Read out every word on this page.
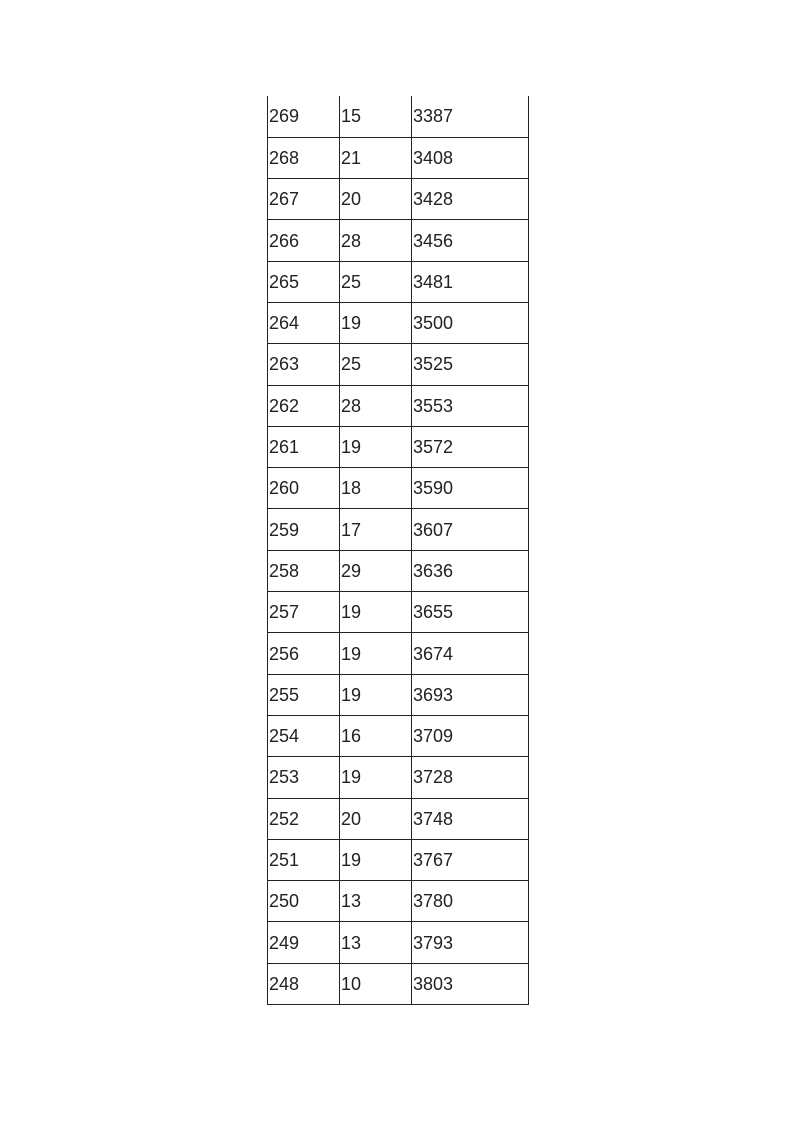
269	15	3387
268	21	3408
267	20	3428
266	28	3456
265	25	3481
264	19	3500
263	25	3525
262	28	3553
261	19	3572
260	18	3590
259	17	3607
258	29	3636
257	19	3655
256	19	3674
255	19	3693
254	16	3709
253	19	3728
252	20	3748
251	19	3767
250	13	3780
249	13	3793
248	10	3803
